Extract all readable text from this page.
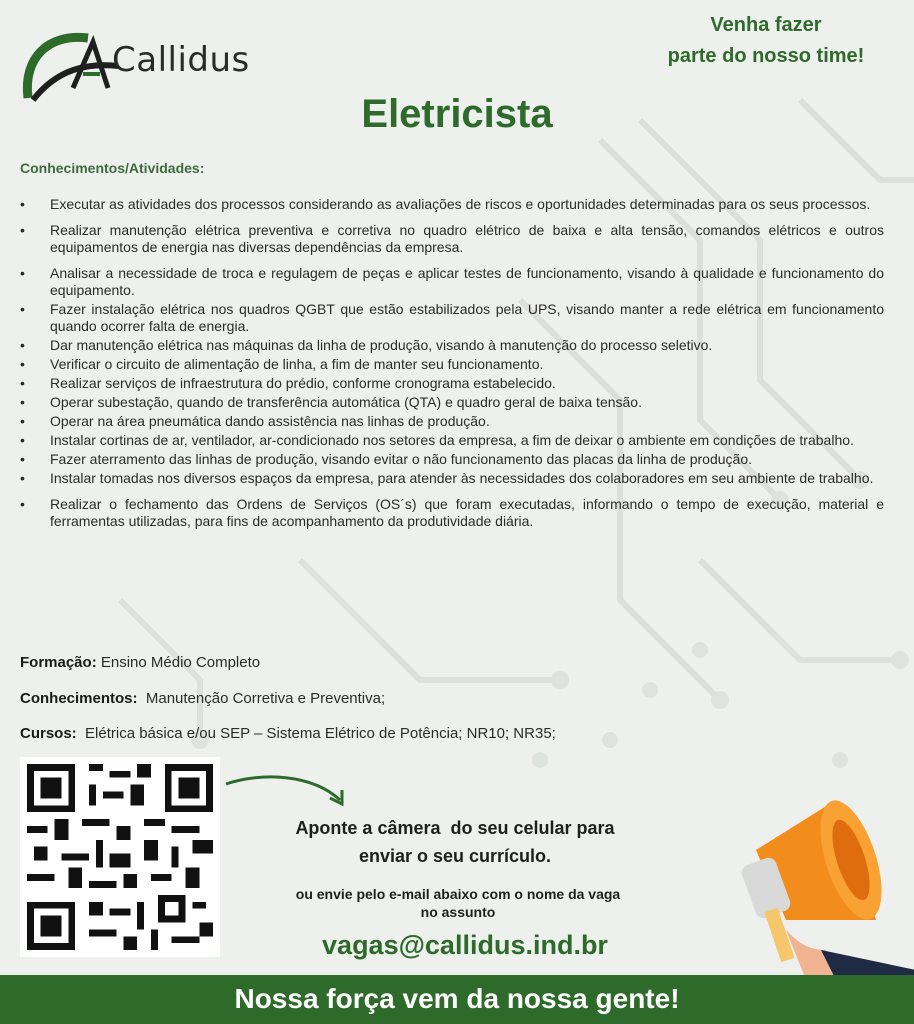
Callidus
Venha fazer
parte do nosso time!
Eletricista
Conhecimentos/Atividades:
• Executar as atividades dos processos considerando as avaliações de riscos e oportunidades determinadas para os seus processos.
• Realizar manutenção elétrica preventiva e corretiva no quadro elétrico de baixa e alta tensão, comandos elétricos e outros equipamentos de energia nas diversas dependências da empresa.
• Analisar a necessidade de troca e regulagem de peças e aplicar testes de funcionamento, visando à qualidade e funcionamento do equipamento.
• Fazer instalação elétrica nos quadros QGBT que estão estabilizados pela UPS, visando manter a rede elétrica em funcionamento quando ocorrer falta de energia.
• Dar manutenção elétrica nas máquinas da linha de produção, visando à manutenção do processo seletivo.
• Verificar o circuito de alimentação de linha, a fim de manter seu funcionamento.
• Realizar serviços de infraestrutura do prédio, conforme cronograma estabelecido.
• Operar subestação, quando de transferência automática (QTA) e quadro geral de baixa tensão.
• Operar na área pneumática dando assistência nas linhas de produção.
• Instalar cortinas de ar, ventilador, ar-condicionado nos setores da empresa, a fim de deixar o ambiente em condições de trabalho.
• Fazer aterramento das linhas de produção, visando evitar o não funcionamento das placas da linha de produção.
• Instalar tomadas nos diversos espaços da empresa, para atender às necessidades dos colaboradores em seu ambiente de trabalho.
• Realizar o fechamento das Ordens de Serviços (OS´s) que foram executadas, informando o tempo de execução, material e ferramentas utilizadas, para fins de acompanhamento da produtividade diária.
Formação: Ensino Médio Completo
Conhecimentos: Manutenção Corretiva e Preventiva;
Cursos: Elétrica básica e/ou SEP – Sistema Elétrico de Potência; NR10; NR35;
Aponte a câmera  do seu celular para
enviar o seu currículo.
ou envie pelo e-mail abaixo com o nome da vaga
no assunto
vagas@callidus.ind.br
Nossa força vem da nossa gente!
